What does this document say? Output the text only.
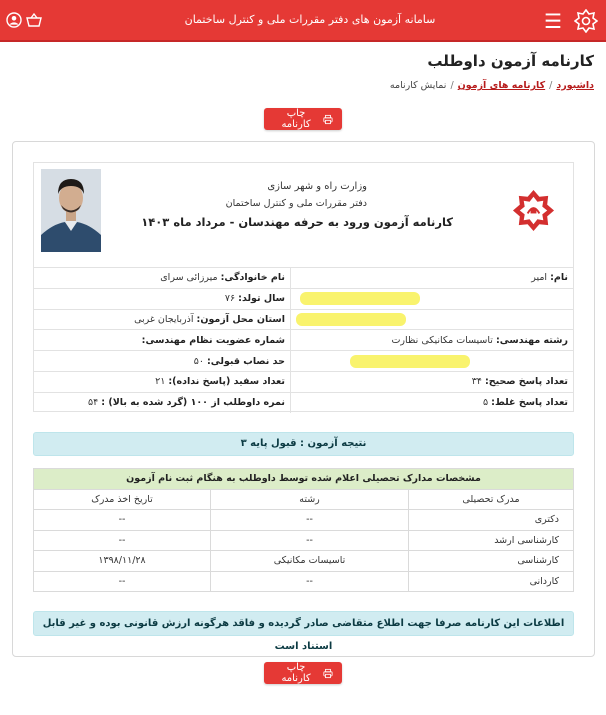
☰
سامانه آزمون های دفتر مقررات ملی و کنترل ساختمان
کارنامه آزمون داوطلب
داشبورد/کارنامه های آزمون/نمایش کارنامه
چاپ کارنامه
وزارت راه و شهر سازی
دفتر مقررات ملی و کنترل ساختمان
کارنامه آزمون ورود به حرفه مهندسان - مرداد ماه ۱۴۰۳
نام: امیر	نام خانوادگی: میرزائی سرای
	سال تولد: ۷۶
	استان محل آزمون: آذربایجان غربی
رشته مهندسی: تاسیسات مکانیکی نظارت	شماره عضویت نظام مهندسی:
	حد نصاب قبولی: ۵۰
تعداد پاسخ صحیح: ۳۴	تعداد سفید (پاسخ نداده): ۲۱
تعداد پاسخ غلط: ۵	نمره داوطلب از ۱۰۰ (گرد شده به بالا) : ۵۴
نتیجه آزمون : قبول پایه ۳
مشخصات مدارک تحصیلی اعلام شده توسط داوطلب به هنگام ثبت نام آزمون		
مدرک تحصیلی	رشته	تاریخ اخذ مدرک
دکتری	--	--
کارشناسی ارشد	--	--
کارشناسی	تاسیسات مکانیکی	۱۳۹۸/۱۱/۲۸
کاردانی	--	--
اطلاعات این کارنامه صرفا جهت اطلاع متقاضی صادر گردیده و فاقد هرگونه ارزش قانونی بوده و غیر قابل استناد است
چاپ کارنامه
